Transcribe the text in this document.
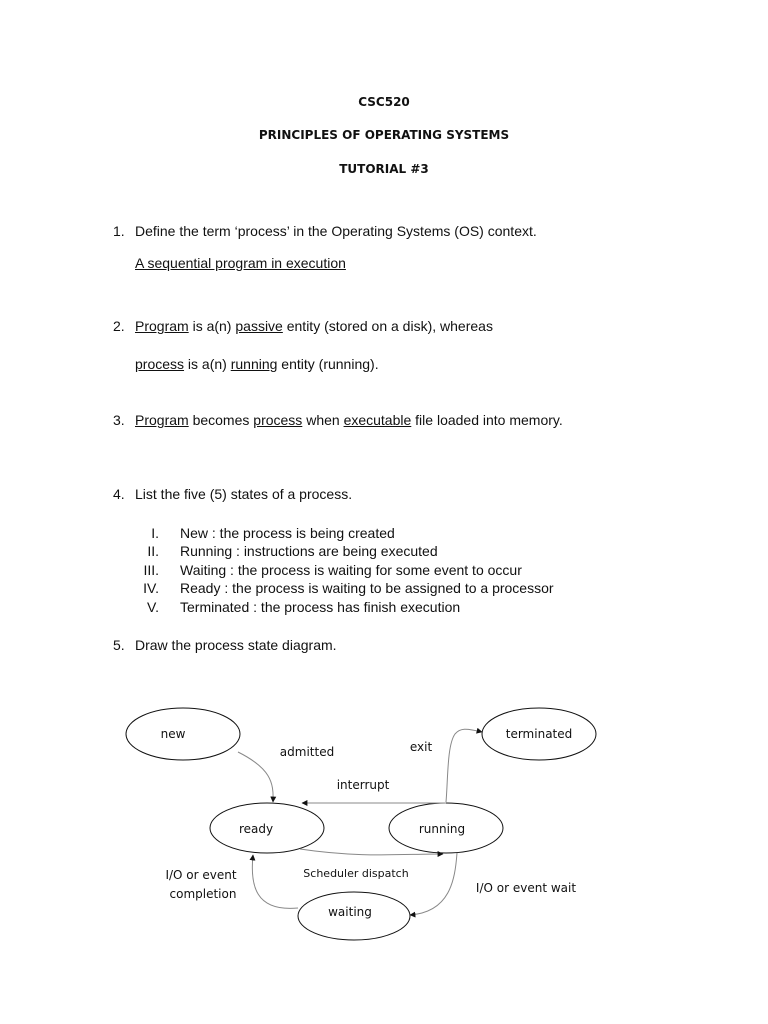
CSC520
PRINCIPLES OF OPERATING SYSTEMS
TUTORIAL #3
1. Define the term ‘process’ in the Operating Systems (OS) context.
A sequential program in execution
2. Program is a(n) passive entity (stored on a disk), whereas
process is a(n) running entity (running).
3. Program becomes process when executable file loaded into memory.
4. List the five (5) states of a process.
I. New : the process is being created
II. Running : instructions are being executed
III. Waiting : the process is waiting for some event to occur
IV. Ready : the process is waiting to be assigned to a processor
V. Terminated : the process has finish execution
5. Draw the process state diagram.
new	terminated
ready	running
waiting
admitted	exit
interrupt
Scheduler dispatch
I/O or event
completion	I/O or event wait
